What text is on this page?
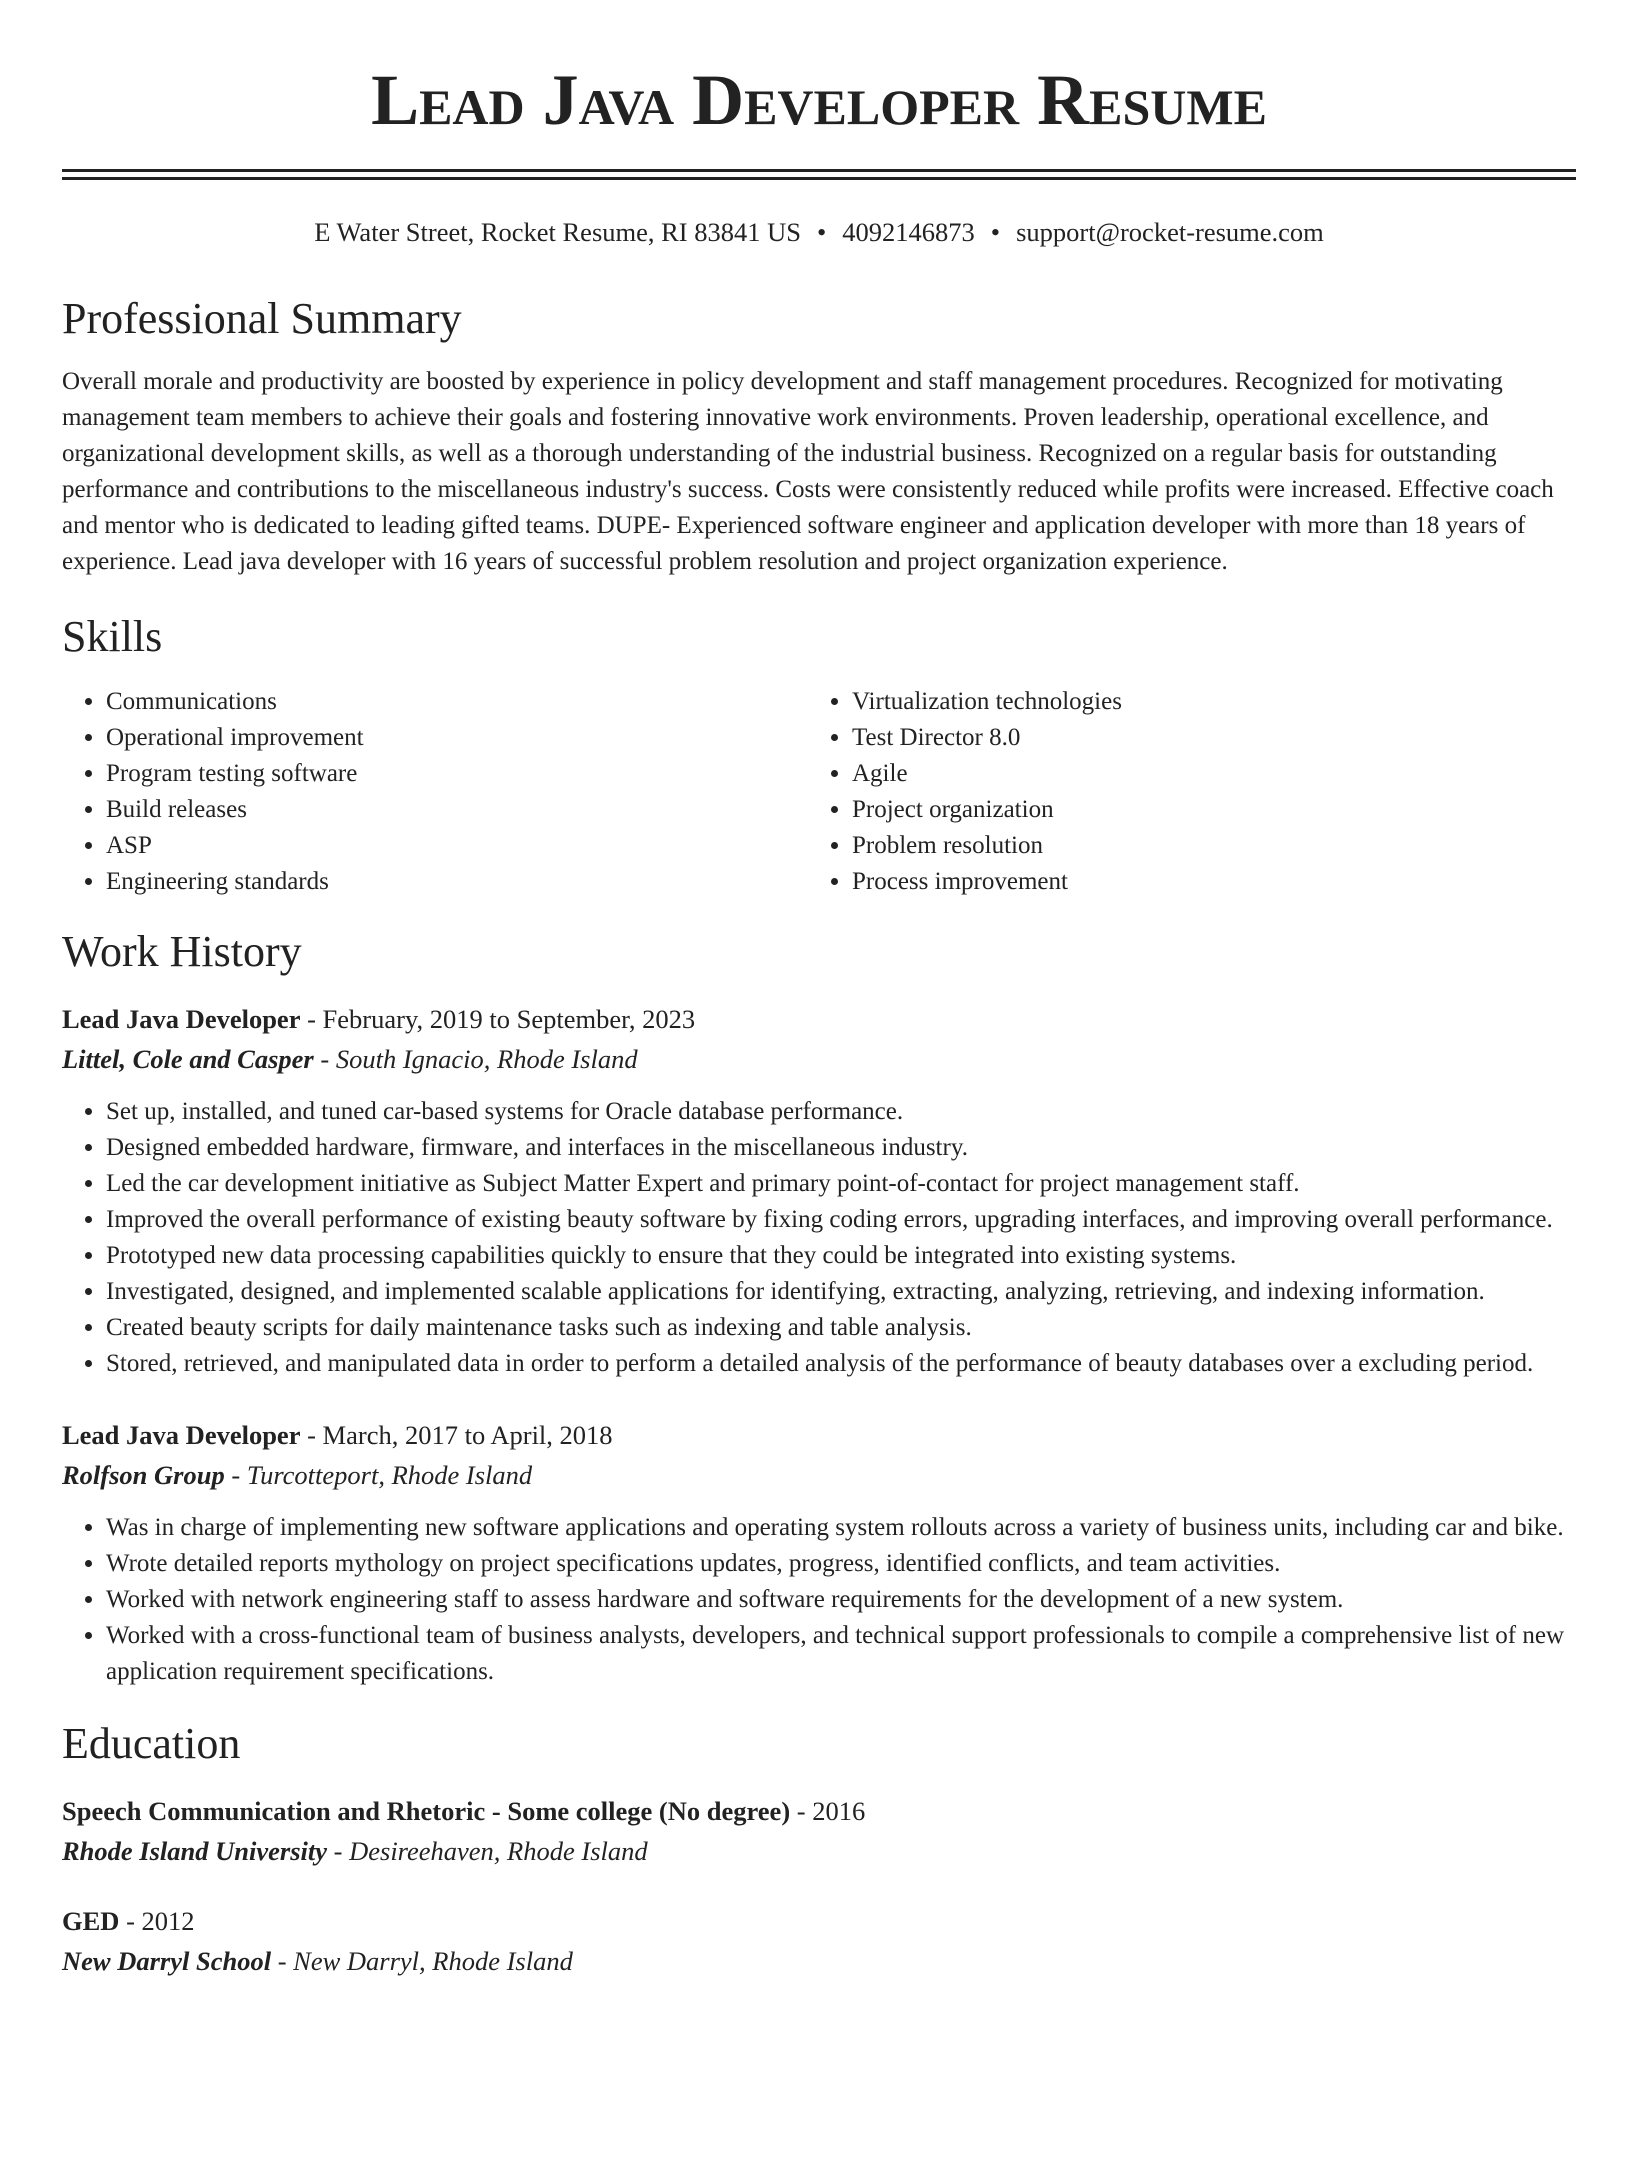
Lead Java Developer Resume
E Water Street, Rocket Resume, RI 83841 US • 4092146873 • support@rocket-resume.com
Professional Summary

Overall morale and productivity are boosted by experience in policy development and staff management procedures. Recognized for motivating management team members to achieve their goals and fostering innovative work environments. Proven leadership, operational excellence, and organizational development skills, as well as a thorough understanding of the industrial business. Recognized on a regular basis for outstanding performance and contributions to the miscellaneous industry's success. Costs were consistently reduced while profits were increased. Effective coach and mentor who is dedicated to leading gifted teams. DUPE- Experienced software engineer and application developer with more than 18 years of experience. Lead java developer with 16 years of successful problem resolution and project organization experience.

Skills
• Communications
• Operational improvement
• Program testing software
• Build releases
• ASP
• Engineering standards
• Virtualization technologies
• Test Director 8.0
• Agile
• Project organization
• Problem resolution
• Process improvement
Work History
Lead Java Developer - February, 2019 to September, 2023
Littel, Cole and Casper - South Ignacio, Rhode Island
• Set up, installed, and tuned car-based systems for Oracle database performance.
• Designed embedded hardware, firmware, and interfaces in the miscellaneous industry.
• Led the car development initiative as Subject Matter Expert and primary point-of-contact for project management staff.
• Improved the overall performance of existing beauty software by fixing coding errors, upgrading interfaces, and improving overall performance.
• Prototyped new data processing capabilities quickly to ensure that they could be integrated into existing systems.
• Investigated, designed, and implemented scalable applications for identifying, extracting, analyzing, retrieving, and indexing information.
• Created beauty scripts for daily maintenance tasks such as indexing and table analysis.
• Stored, retrieved, and manipulated data in order to perform a detailed analysis of the performance of beauty databases over a excluding period.
Lead Java Developer - March, 2017 to April, 2018
Rolfson Group - Turcotteport, Rhode Island
• Was in charge of implementing new software applications and operating system rollouts across a variety of business units, including car and bike.
• Wrote detailed reports mythology on project specifications updates, progress, identified conflicts, and team activities.
• Worked with network engineering staff to assess hardware and software requirements for the development of a new system.
• Worked with a cross-functional team of business analysts, developers, and technical support professionals to compile a comprehensive list of new application requirement specifications.
Education
Speech Communication and Rhetoric - Some college (No degree) - 2016
Rhode Island University - Desireehaven, Rhode Island
GED - 2012
New Darryl School - New Darryl, Rhode Island
